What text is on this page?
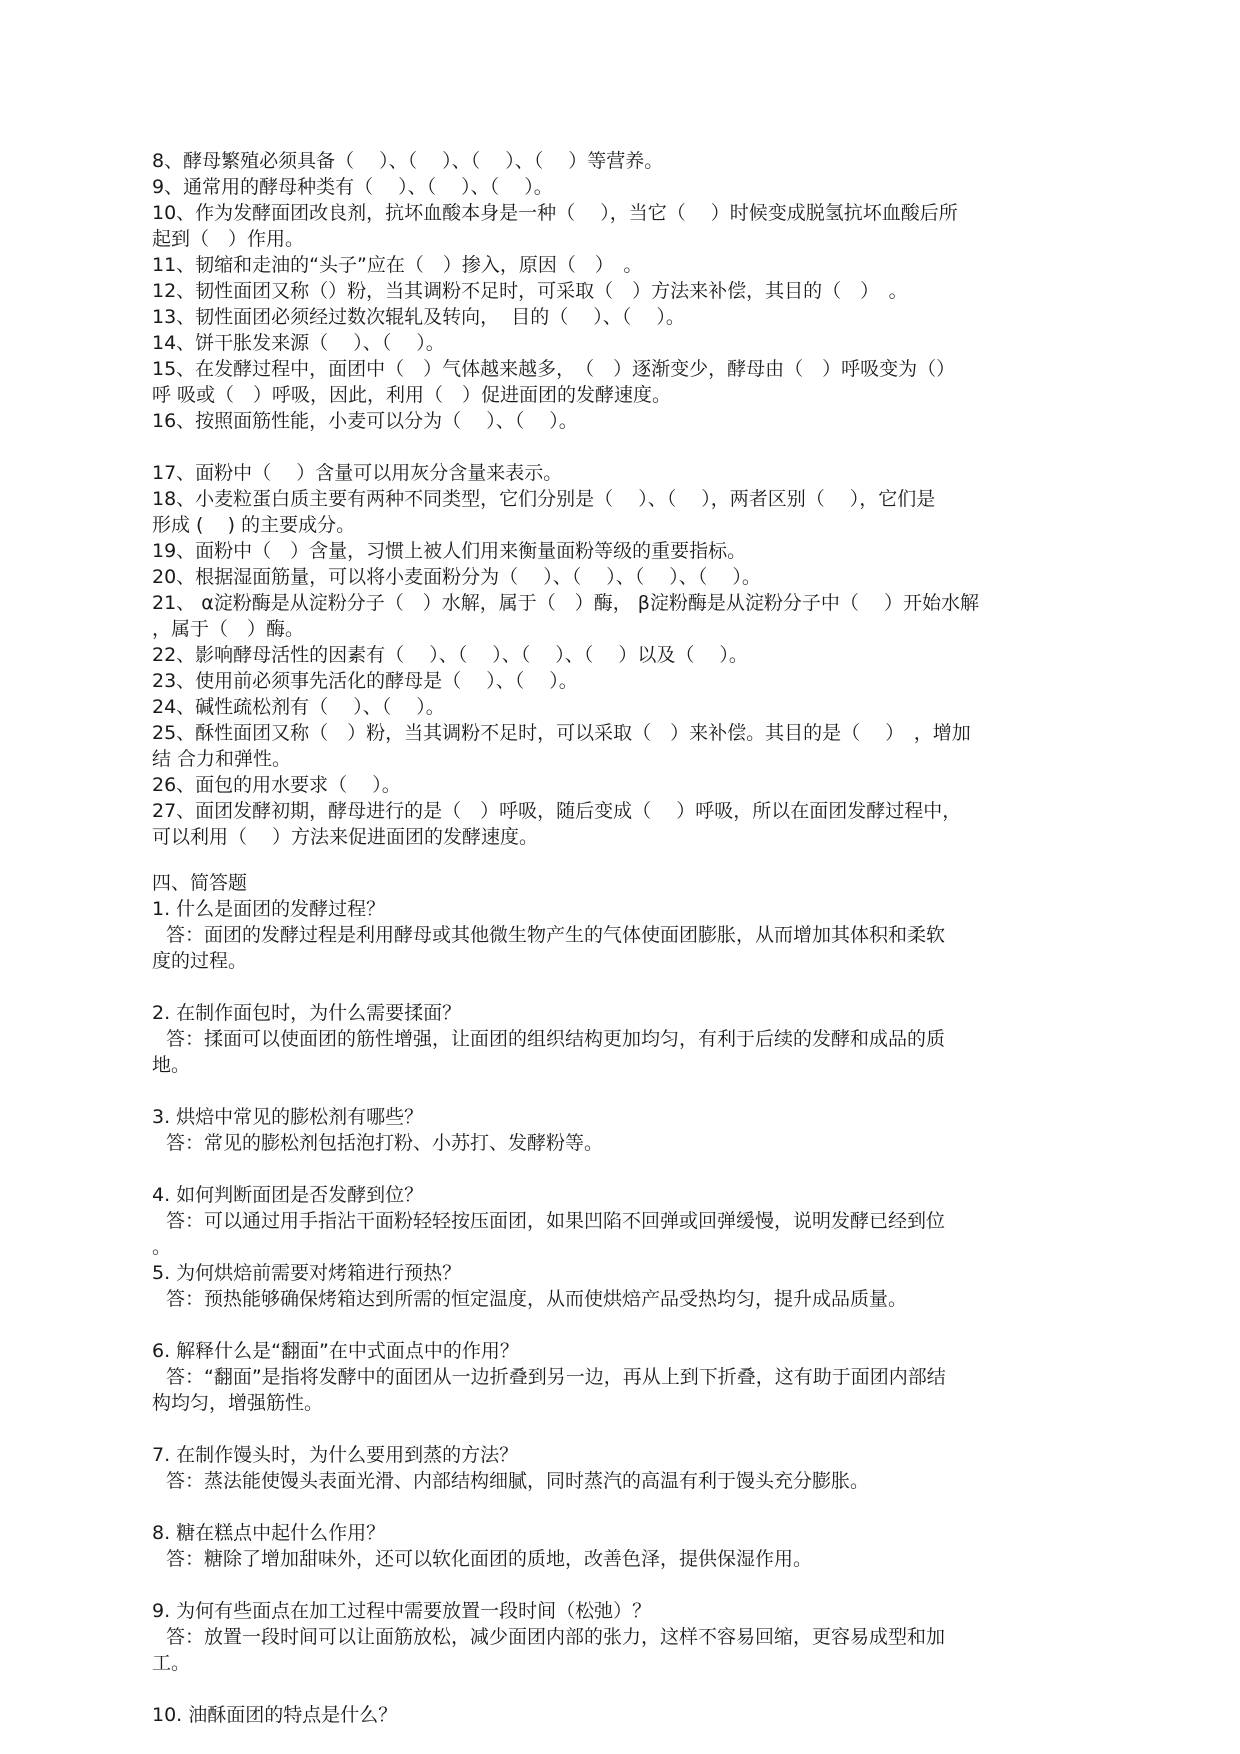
8、酵母繁殖必须具备（　 ）、（　 ）、（　 ）、（　 ）等营养。
9、通常用的酵母种类有（　 ）、（　 ）、（　 ）。
10、作为发酵面团改良剂，抗坏血酸本身是一种（　 ），当它（　 ）时候变成脱氢抗坏血酸后所
起到（　）作用。
11、韧缩和走油的“头子”应在（　）掺入，原因（　）　。
12、韧性面团又称（）粉，当其调粉不足时，可采取（　）方法来补偿，其目的（　）　。
13、韧性面团必须经过数次辊轧及转向，  目的（　 ）、（　 ）。
14、饼干胀发来源（　 ）、（　 ）。
15、在发酵过程中，面团中（　）气体越来越多，　（　）逐渐变少，酵母由（　）呼吸变为（）
呼 吸或（　）呼吸，因此，利用（　）促进面团的发酵速度。
16、按照面筋性能，小麦可以分为（　 ）、（　 ）。
17、面粉中（　 ）含量可以用灰分含量来表示。
18、小麦粒蛋白质主要有两种不同类型，它们分别是（　 ）、（　 ），两者区别（　 ），它们是
形成 (    ) 的主要成分。
19、面粉中（　）含量，习惯上被人们用来衡量面粉等级的重要指标。
20、根据湿面筋量，可以将小麦面粉分为（　 ）、（　 ）、（　 ）、（　 ）。
21、 α淀粉酶是从淀粉分子（　）水解，属于（　）酶， β淀粉酶是从淀粉分子中（　 ）开始水解
，属于（　）酶。
22、影响酵母活性的因素有（　 ）、（　 ）、（　 ）、（　 ）以及（　 ）。
23、使用前必须事先活化的酵母是（　 ）、（　 ）。
24、碱性疏松剂有（　 ）、（　 ）。
25、酥性面团又称（　）粉，当其调粉不足时，可以采取（　）来补偿。其目的是（　 ）　，增加
结 合力和弹性。
26、面包的用水要求（　 ）。
27、面团发酵初期，酵母进行的是（　）呼吸，随后变成（　 ）呼吸，所以在面团发酵过程中，
可以利用（　 ）方法来促进面团的发酵速度。
四、简答题
1. 什么是面团的发酵过程？
答：面团的发酵过程是利用酵母或其他微生物产生的气体使面团膨胀，从而增加其体积和柔软
度的过程。
2. 在制作面包时，为什么需要揉面？
答：揉面可以使面团的筋性增强，让面团的组织结构更加均匀，有利于后续的发酵和成品的质
地。
3. 烘焙中常见的膨松剂有哪些？
答：常见的膨松剂包括泡打粉、小苏打、发酵粉等。
4. 如何判断面团是否发酵到位？
答：可以通过用手指沾干面粉轻轻按压面团，如果凹陷不回弹或回弹缓慢，说明发酵已经到位
。
5. 为何烘焙前需要对烤箱进行预热？
答：预热能够确保烤箱达到所需的恒定温度，从而使烘焙产品受热均匀，提升成品质量。
6. 解释什么是“翻面”在中式面点中的作用？
答：“翻面”是指将发酵中的面团从一边折叠到另一边，再从上到下折叠，这有助于面团内部结
构均匀，增强筋性。
7. 在制作馒头时，为什么要用到蒸的方法？
答：蒸法能使馒头表面光滑、内部结构细腻，同时蒸汽的高温有利于馒头充分膨胀。
8. 糖在糕点中起什么作用？
答：糖除了增加甜味外，还可以软化面团的质地，改善色泽，提供保湿作用。
9. 为何有些面点在加工过程中需要放置一段时间（松弛）？
答：放置一段时间可以让面筋放松，减少面团内部的张力，这样不容易回缩，更容易成型和加
工。
10. 油酥面团的特点是什么？
